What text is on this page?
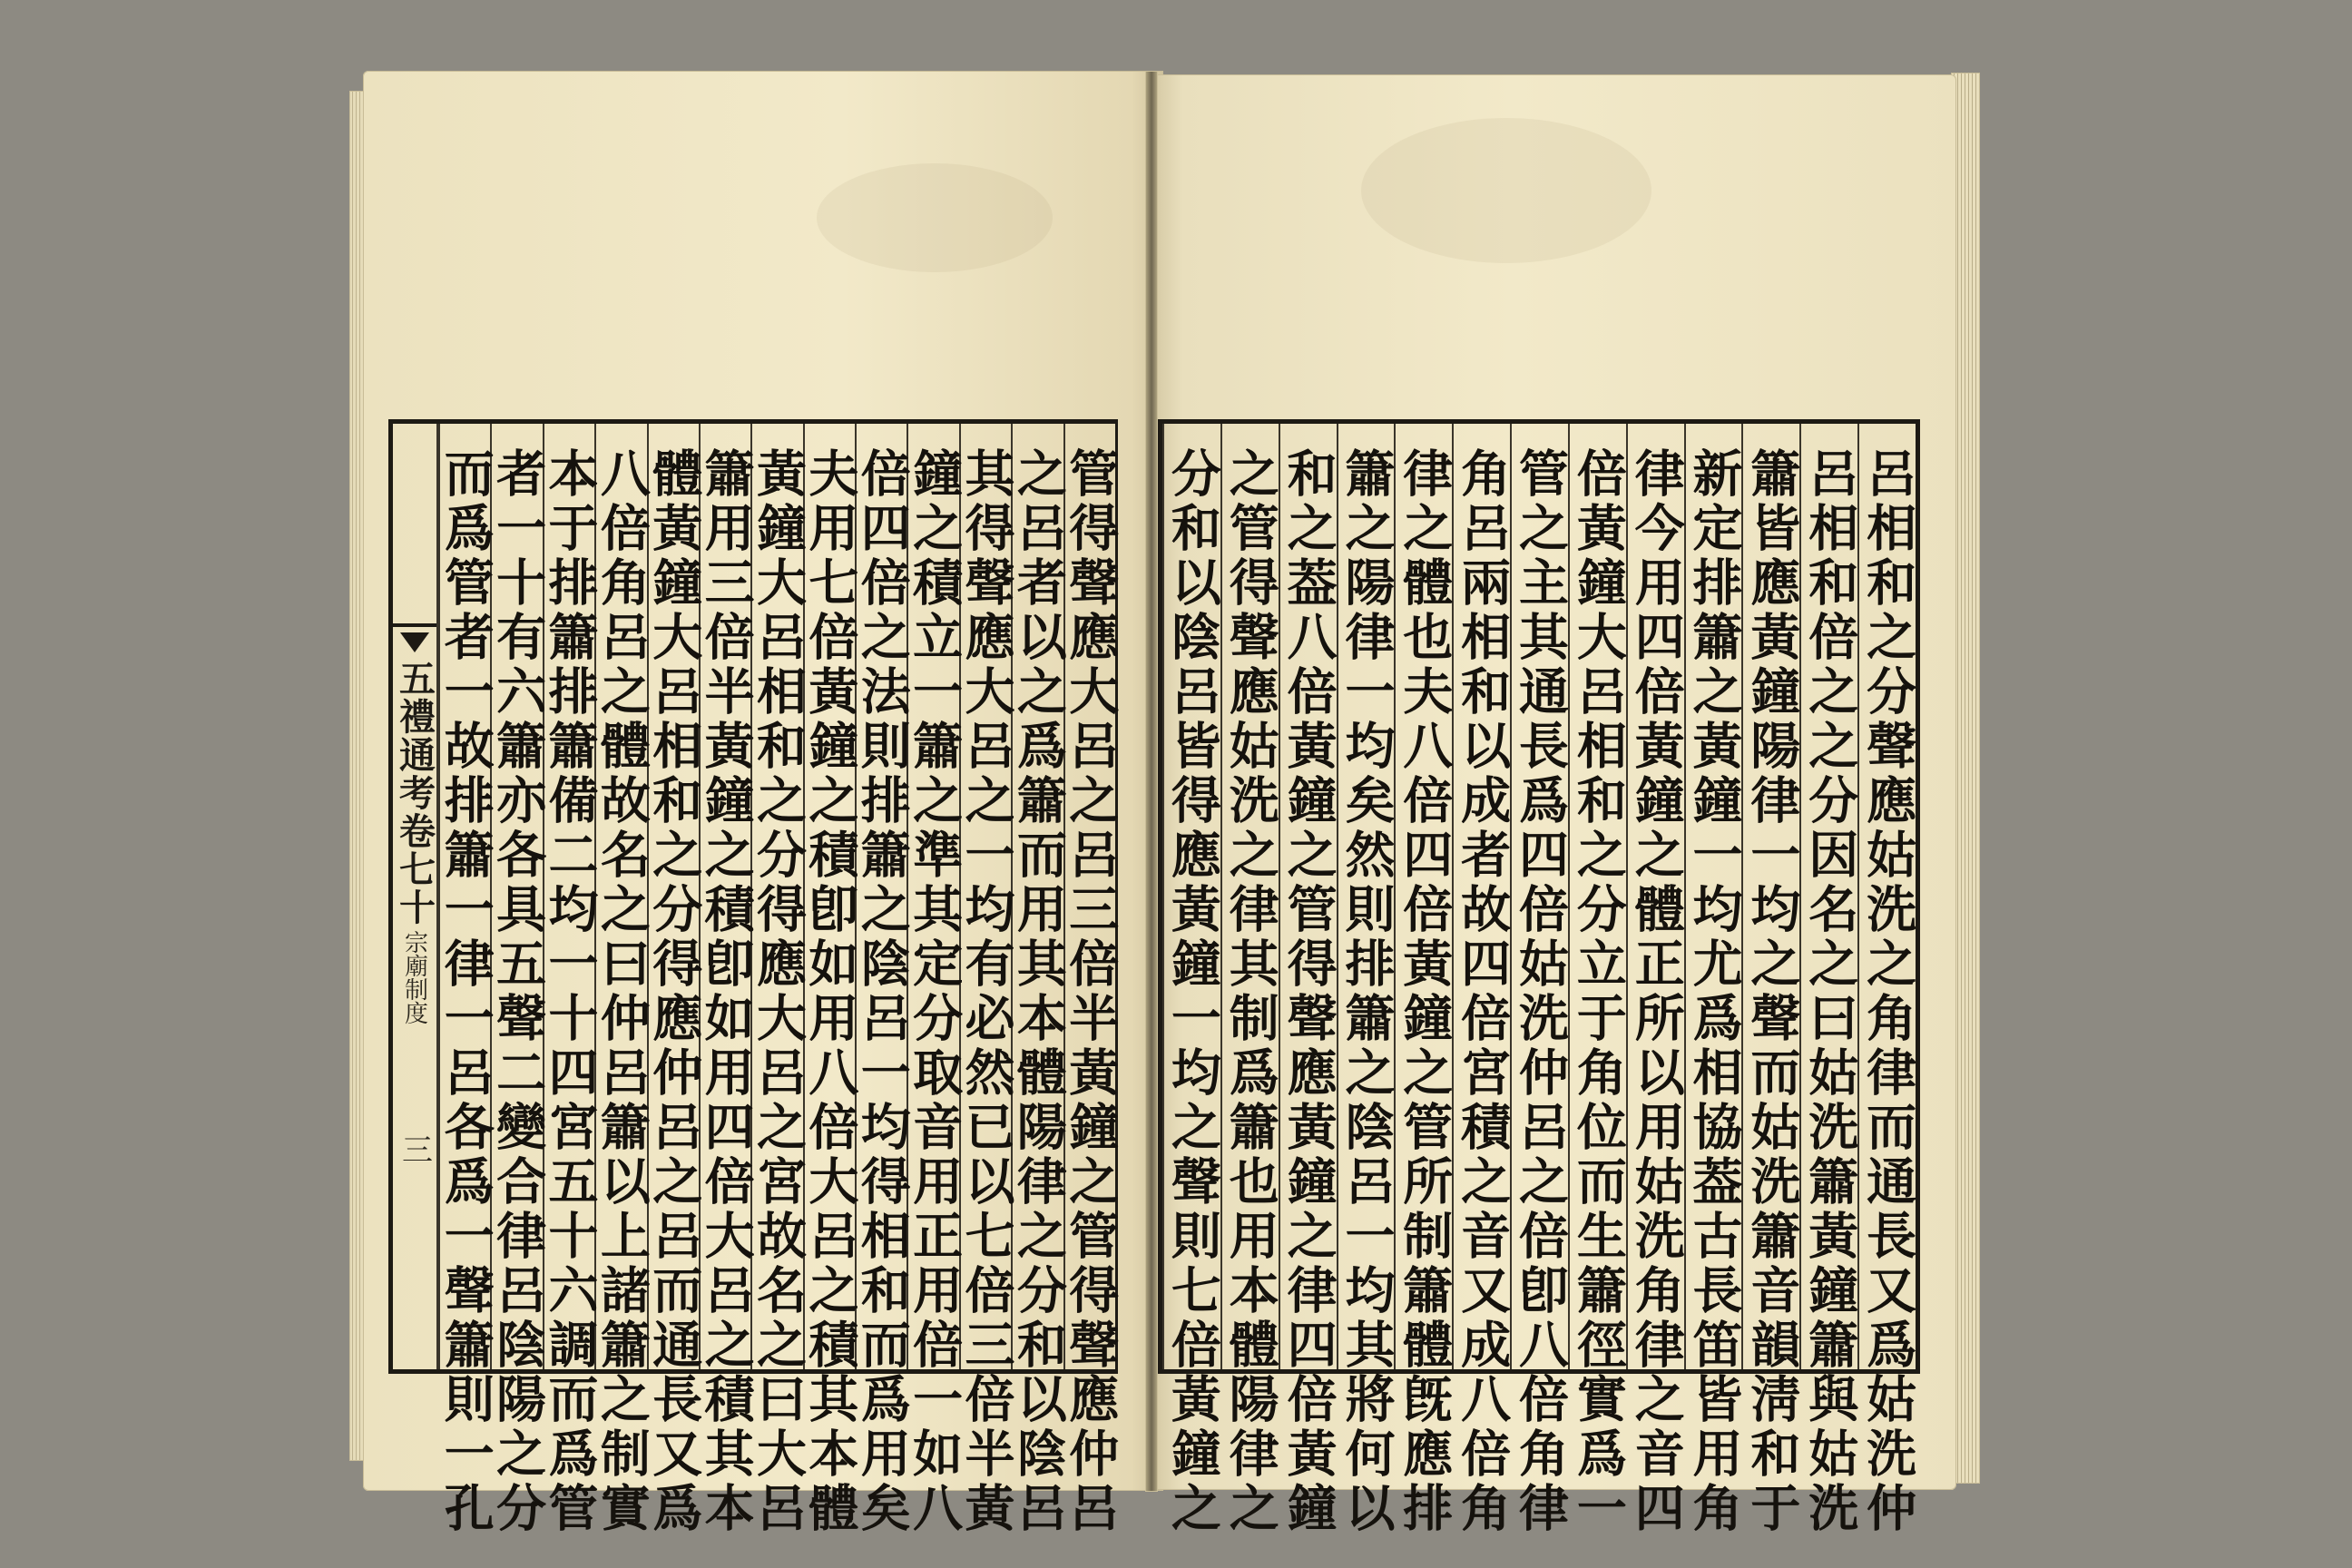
五禮通考卷七十
宗廟制度
三	管得聲應大呂之呂三倍半黃鐘之管得聲應仲呂
之呂者以之爲簫而用其本體陽律之分和以陰呂
其得聲應大呂之一均有必然已以七倍三倍半黃
鐘之積立一簫之準其定分取音用正用倍一如八
倍四倍之法則排簫之陰呂一均得相和而爲用矣
夫用七倍黃鐘之積卽如用八倍大呂之積其本體
黃鐘大呂相和之分得應大呂之宮故名之曰大呂
簫用三倍半黃鐘之積卽如用四倍大呂之積其本
體黃鐘大呂相和之分得應仲呂之呂而通長又爲
八倍角呂之體故名之曰仲呂簫以上諸簫之制實
本于排簫排簫備二均一十四宮五十六調而爲管
者一十有六簫亦各具五聲二變合律呂陰陽之分
而爲管者一故排簫一律一呂各爲一聲簫則一孔	呂相和之分聲應姑洗之角律而通長又爲姑洗仲
呂相和倍之之分因名之曰姑洗簫黃鐘簫與姑洗
簫皆應黃鐘陽律一均之聲而姑洗簫音韻淸和于
新定排簫之黃鐘一均尤爲相協葢古長笛皆用角
律今用四倍黃鐘之體正所以用姑洗角律之音四
倍黃鐘大呂相和之分立于角位而生簫徑實爲一
管之主其通長爲四倍姑洗仲呂之倍卽八倍角律
角呂兩相和以成者故四倍宮積之音又成八倍角
律之體也夫八倍四倍黃鐘之管所制簫體旣應排
簫之陽律一均矣然則排簫之陰呂一均其將何以
和之葢八倍黃鐘之管得聲應黃鐘之律四倍黃鐘
之管得聲應姑洗之律其制爲簫也用本體陽律之
分和以陰呂皆得應黃鐘一均之聲則七倍黃鐘之
